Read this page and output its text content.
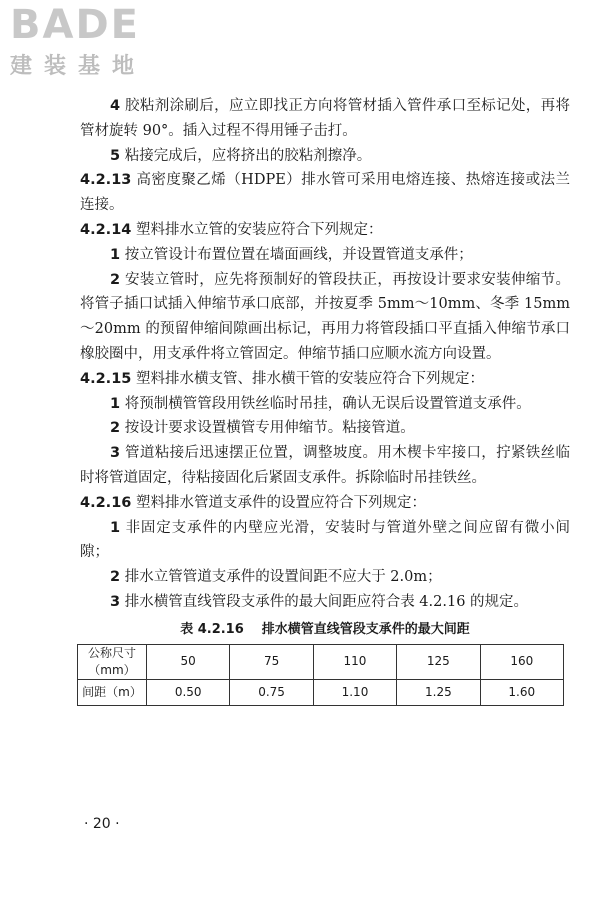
BADE
建装基地

4 胶粘剂涂刷后，应立即找正方向将管材插入管件承口至标记处，再将管材旋转 90°。插入过程不得用锤子击打。

5 粘接完成后，应将挤出的胶粘剂擦净。

4.2.13 高密度聚乙烯（HDPE）排水管可采用电熔连接、热熔连接或法兰连接。

4.2.14 塑料排水立管的安装应符合下列规定：

1 按立管设计布置位置在墙面画线，并设置管道支承件；

2 安装立管时，应先将预制好的管段扶正，再按设计要求安装伸缩节。将管子插口试插入伸缩节承口底部，并按夏季 5mm～10mm、冬季 15mm～20mm 的预留伸缩间隙画出标记，再用力将管段插口平直插入伸缩节承口橡胶圈中，用支承件将立管固定。伸缩节插口应顺水流方向设置。

4.2.15 塑料排水横支管、排水横干管的安装应符合下列规定：

1 将预制横管管段用铁丝临时吊挂，确认无误后设置管道支承件。

2 按设计要求设置横管专用伸缩节。粘接管道。

3 管道粘接后迅速摆正位置，调整坡度。用木楔卡牢接口，拧紧铁丝临时将管道固定，待粘接固化后紧固支承件。拆除临时吊挂铁丝。

4.2.16 塑料排水管道支承件的设置应符合下列规定：

1 非固定支承件的内壁应光滑，安装时与管道外壁之间应留有微小间隙；

2 排水立管管道支承件的设置间距不应大于 2.0m；

3 排水横管直线管段支承件的最大间距应符合表 4.2.16 的规定。

表 4.2.16 排水横管直线管段支承件的最大间距
公称尺寸
（mm）	50	75	110	125	160
间距（m）	0.50	0.75	1.10	1.25	1.60
· 20 ·
